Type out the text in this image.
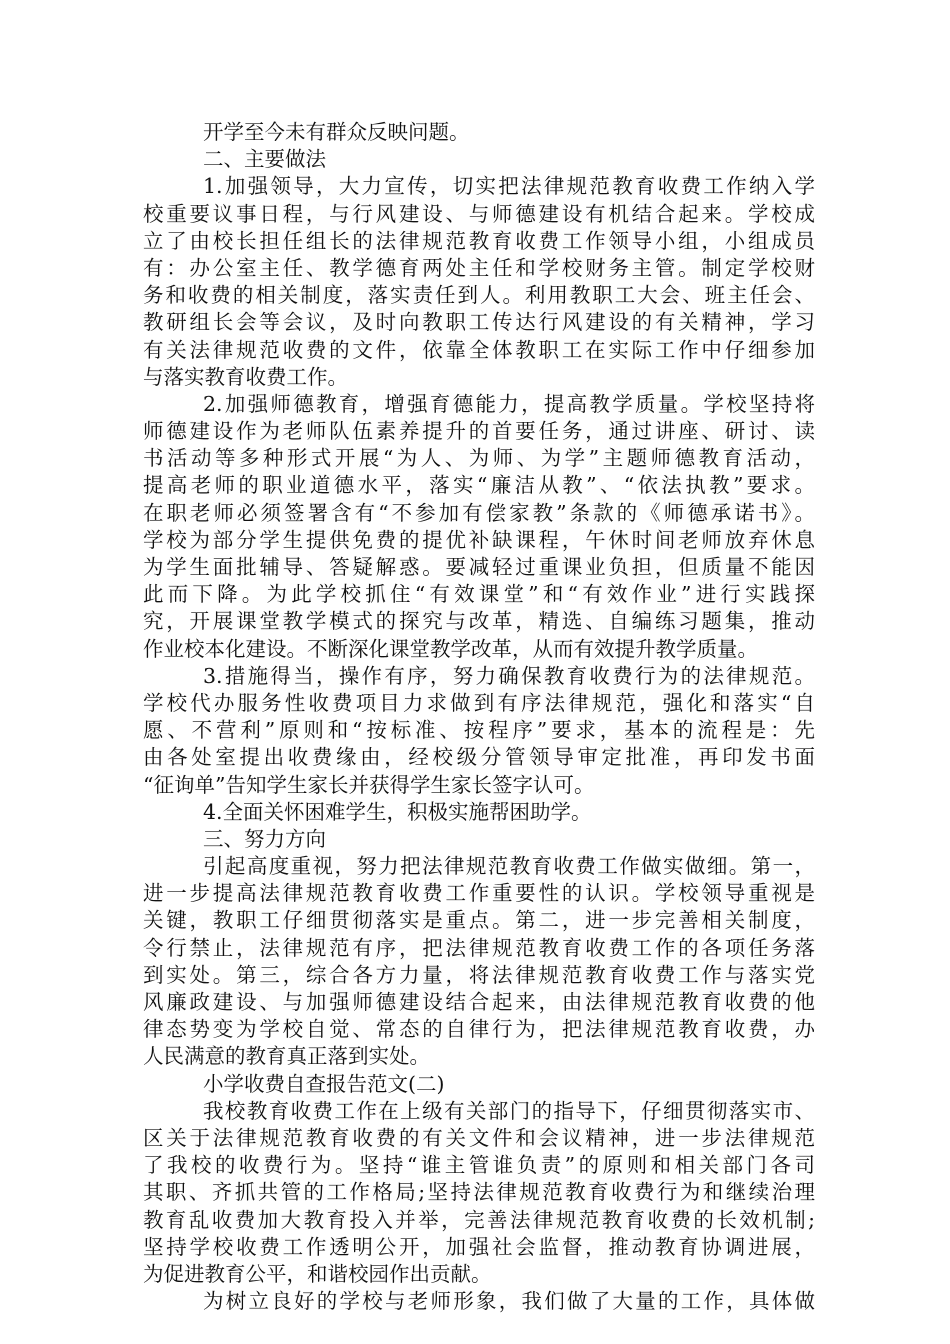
开学至今未有群众反映问题。
二、主要做法
1.加强领导，大力宣传，切实把法律规范教育收费工作纳入学
校重要议事日程，与行风建设、与师德建设有机结合起来。学校成
立了由校长担任组长的法律规范教育收费工作领导小组，小组成员
有：办公室主任、教学德育两处主任和学校财务主管。制定学校财
务和收费的相关制度，落实责任到人。利用教职工大会、班主任会、
教研组长会等会议，及时向教职工传达行风建设的有关精神，学习
有关法律规范收费的文件，依靠全体教职工在实际工作中仔细参加
与落实教育收费工作。
2.加强师德教育，增强育德能力，提高教学质量。学校坚持将
师德建设作为老师队伍素养提升的首要任务，通过讲座、研讨、读
书活动等多种形式开展“为人、为师、为学”主题师德教育活动，
提高老师的职业道德水平，落实“廉洁从教”、“依法执教”要求。
在职老师必须签署含有“不参加有偿家教”条款的《师德承诺书》。
学校为部分学生提供免费的提优补缺课程，午休时间老师放弃休息
为学生面批辅导、答疑解惑。要减轻过重课业负担，但质量不能因
此而下降。为此学校抓住“有效课堂”和“有效作业”进行实践探
究，开展课堂教学模式的探究与改革，精选、自编练习题集，推动
作业校本化建设。不断深化课堂教学改革，从而有效提升教学质量。
3.措施得当，操作有序，努力确保教育收费行为的法律规范。
学校代办服务性收费项目力求做到有序法律规范，强化和落实“自
愿、不营利”原则和“按标准、按程序”要求，基本的流程是：先
由各处室提出收费缘由，经校级分管领导审定批准，再印发书面
“征询单”告知学生家长并获得学生家长签字认可。
4.全面关怀困难学生，积极实施帮困助学。
三、努力方向
引起高度重视，努力把法律规范教育收费工作做实做细。第一，
进一步提高法律规范教育收费工作重要性的认识。学校领导重视是
关键，教职工仔细贯彻落实是重点。第二，进一步完善相关制度，
令行禁止，法律规范有序，把法律规范教育收费工作的各项任务落
到实处。第三，综合各方力量，将法律规范教育收费工作与落实党
风廉政建设、与加强师德建设结合起来，由法律规范教育收费的他
律态势变为学校自觉、常态的自律行为，把法律规范教育收费，办
人民满意的教育真正落到实处。
小学收费自查报告范文(二)
我校教育收费工作在上级有关部门的指导下，仔细贯彻落实市、
区关于法律规范教育收费的有关文件和会议精神，进一步法律规范
了我校的收费行为。坚持“谁主管谁负责”的原则和相关部门各司
其职、齐抓共管的工作格局;坚持法律规范教育收费行为和继续治理
教育乱收费加大教育投入并举，完善法律规范教育收费的长效机制;
坚持学校收费工作透明公开，加强社会监督，推动教育协调进展，
为促进教育公平，和谐校园作出贡献。
为树立良好的学校与老师形象，我们做了大量的工作，具体做
